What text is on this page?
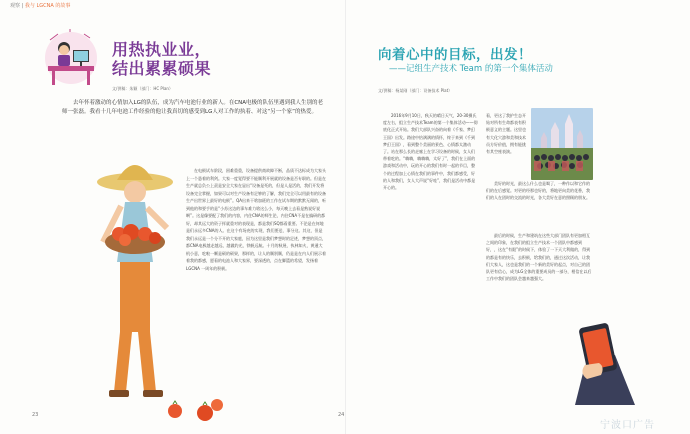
观察 | 我与 LGCNA 的故事
用热执业业，
结出累累硕果
文/供稿：朱颖（部门：HC Plan）

去年怀着激动的心情加入LG的队伍，成为汽车电池行业的新人。在CNA电极的队伍里遇到我人生别的老师一张磊。我看十几年电池工作经验的他让我真切的感受到LG人对工作的执着、对这“另一个家”的热爱。

在电极试车阶段，困难重重，设备提供商故障不断，品质不达标成为大家头上一个悬着的利剑。大家一度觉得要不能顺利开展就的设备是否专职的。但是在生产就总负公上责是安全大家在显出“设备是死的，但是人是活的，我们开发将设备完全掌握，如果可以对生产设备有足够的了解，我们完全可以用最有的设备生产出世界上最好的电极”。QA出来干啥加班的工作在试车期的默默无闻的，听到他的和要手的是“小苏这边的事车难力啥这么小，每天晚上去看是熟说好说啊”。这是像要配了我们的内容，内住CNA的师生论，内住CNA不是在搞研的都好，却其远大的资子挥就重对的表现是，都是我们SQ都看重要。不论是在何地是们永远多CNA的人。在这个有场充的实现，我们要送，事分这。其这，但是我们永远是一个分不开的大家庭，因为这里是我们梦想时的足迹，梦想的顶点，都CNA电极越走越远，越做约光，铁帆远航。十月的秋展，执林知火，黄通大机小意，吃啦一颗是硕的硕果，那样的，让人的顺别顺，仍是是在内人们展示着着我的都感，愿看的电池人和大家界，要深透的，点在脚篮的希望，发扬着 LGCNA 一周年的积极。

23
向着心中的目标，出发！
——记组生产技术 Team 的第一个集体活动
文/供稿：杨某刚（部门：设备技术 Plat）

2016年9月10日，秋天的晴日天气，20-30摄氏度左右，组立生产技术Team的第一个集体活动——彻底化正式开始。我们大部队兴奋的向着《千家、梦幻王国》出发。路途中怡满满的情怀，终于来到《千到梦幻王国》，看到整个美丽的景色、心情都太激动了。站在那么长的走廊上在学习设备的时候，女人们带着吃的。“嗨嗨，嗨嗨嗨，太好了”，我们在上面的游戏和活动中，玩的开心的我们有时一起的节目，整个的过程加上心情在我们的事件中，我们都感受，好的人和我们，女人大声说“好哇”，我们是活动中都是开心的。

看，更这了我护生态开始对所有生命都表有积极意义的主题。这里也有大化穴游和美和技术员方好价值，拥有能挑有其空座表演。

美好的时光，最这么什么也是喝了，一种作以和它作的们的在后感觉。对更的经那也好的，将地更向美的花香，我们的人在团时的交流的时光，各大美好在意的照顾的朋友。

最后的时候，生产和建筑在这些大部门团队有更加相互之间的印象，在我们的组立生产技术一个团队中都感到好，，这在“有限”的时候下，体验了一下天大利做的，得到的都是有的快乐，去积极，给我们的，通过这次活动，让我们大家人，这也是我们的一个新的美好的起点，对自己的团队更有信心，成为LG全体的重要成员的一部分，相信在以后工作中我们的团队会越来越强大。

24
宁波口广告
